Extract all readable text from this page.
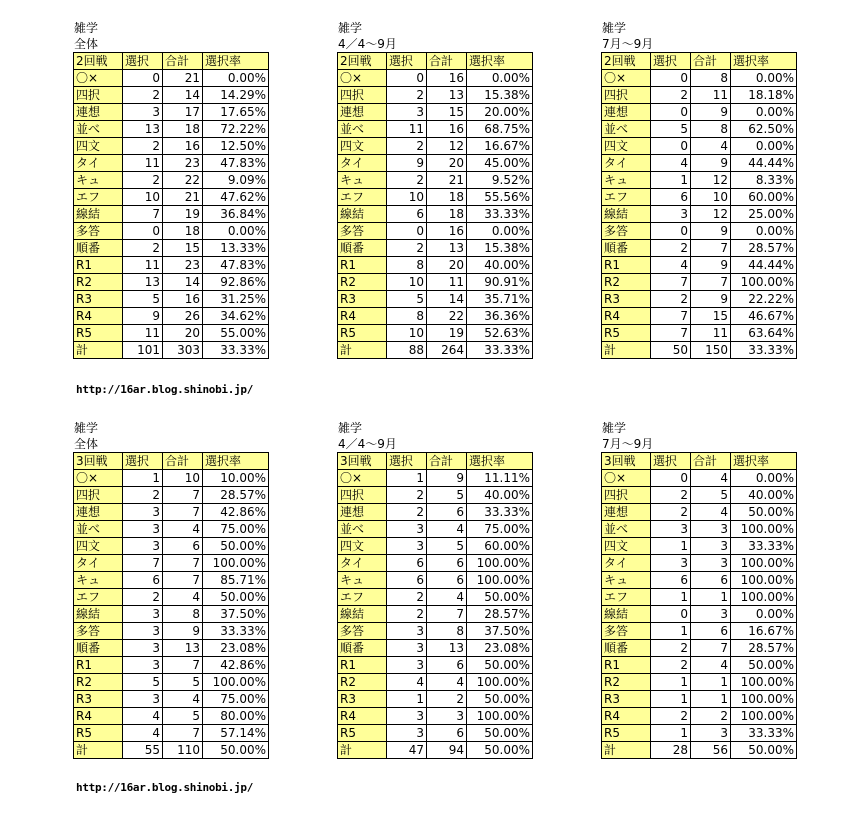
雑学
全体
2回戦	選択	合計	選択率
〇×	0	21	0.00%
四択	2	14	14.29%
連想	3	17	17.65%
並べ	13	18	72.22%
四文	2	16	12.50%
タイ	11	23	47.83%
キュ	2	22	9.09%
エフ	10	21	47.62%
線結	7	19	36.84%
多答	0	18	0.00%
順番	2	15	13.33%
R1	11	23	47.83%
R2	13	14	92.86%
R3	5	16	31.25%
R4	9	26	34.62%
R5	11	20	55.00%
計	101	303	33.33%
雑学
4／4～9月
2回戦	選択	合計	選択率
〇×	0	16	0.00%
四択	2	13	15.38%
連想	3	15	20.00%
並べ	11	16	68.75%
四文	2	12	16.67%
タイ	9	20	45.00%
キュ	2	21	9.52%
エフ	10	18	55.56%
線結	6	18	33.33%
多答	0	16	0.00%
順番	2	13	15.38%
R1	8	20	40.00%
R2	10	11	90.91%
R3	5	14	35.71%
R4	8	22	36.36%
R5	10	19	52.63%
計	88	264	33.33%
雑学
7月～9月
2回戦	選択	合計	選択率
〇×	0	8	0.00%
四択	2	11	18.18%
連想	0	9	0.00%
並べ	5	8	62.50%
四文	0	4	0.00%
タイ	4	9	44.44%
キュ	1	12	8.33%
エフ	6	10	60.00%
線結	3	12	25.00%
多答	0	9	0.00%
順番	2	7	28.57%
R1	4	9	44.44%
R2	7	7	100.00%
R3	2	9	22.22%
R4	7	15	46.67%
R5	7	11	63.64%
計	50	150	33.33%
http://16ar.blog.shinobi.jp/
雑学
全体
3回戦	選択	合計	選択率
〇×	1	10	10.00%
四択	2	7	28.57%
連想	3	7	42.86%
並べ	3	4	75.00%
四文	3	6	50.00%
タイ	7	7	100.00%
キュ	6	7	85.71%
エフ	2	4	50.00%
線結	3	8	37.50%
多答	3	9	33.33%
順番	3	13	23.08%
R1	3	7	42.86%
R2	5	5	100.00%
R3	3	4	75.00%
R4	4	5	80.00%
R5	4	7	57.14%
計	55	110	50.00%
雑学
4／4～9月
3回戦	選択	合計	選択率
〇×	1	9	11.11%
四択	2	5	40.00%
連想	2	6	33.33%
並べ	3	4	75.00%
四文	3	5	60.00%
タイ	6	6	100.00%
キュ	6	6	100.00%
エフ	2	4	50.00%
線結	2	7	28.57%
多答	3	8	37.50%
順番	3	13	23.08%
R1	3	6	50.00%
R2	4	4	100.00%
R3	1	2	50.00%
R4	3	3	100.00%
R5	3	6	50.00%
計	47	94	50.00%
雑学
7月～9月
3回戦	選択	合計	選択率
〇×	0	4	0.00%
四択	2	5	40.00%
連想	2	4	50.00%
並べ	3	3	100.00%
四文	1	3	33.33%
タイ	3	3	100.00%
キュ	6	6	100.00%
エフ	1	1	100.00%
線結	0	3	0.00%
多答	1	6	16.67%
順番	2	7	28.57%
R1	2	4	50.00%
R2	1	1	100.00%
R3	1	1	100.00%
R4	2	2	100.00%
R5	1	3	33.33%
計	28	56	50.00%
http://16ar.blog.shinobi.jp/
